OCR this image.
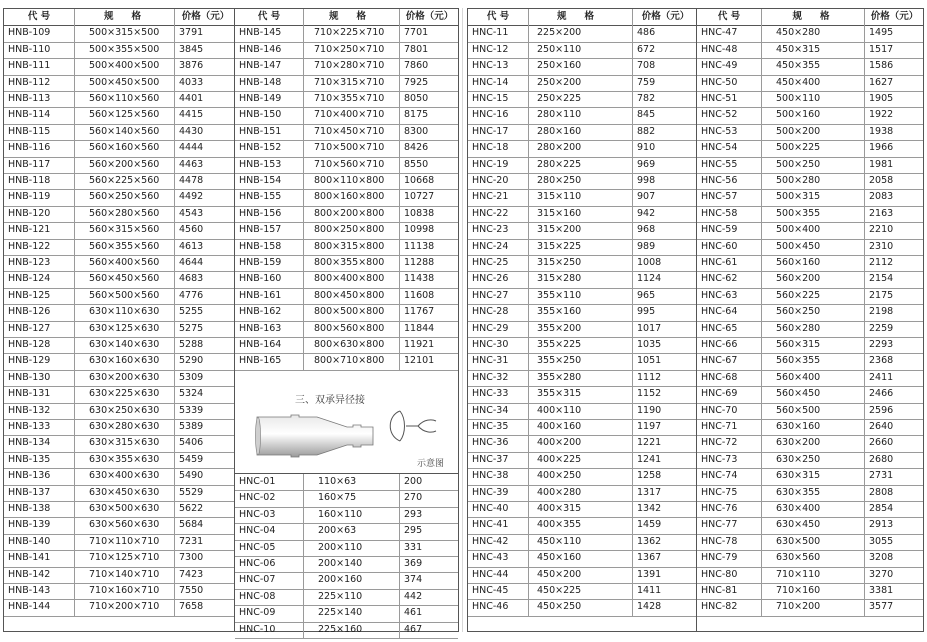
代 号	规格	价格（元）
HNB-109	500×315×500	3791
HNB-110	500×355×500	3845
HNB-111	500×400×500	3876
HNB-112	500×450×500	4033
HNB-113	560×110×560	4401
HNB-114	560×125×560	4415
HNB-115	560×140×560	4430
HNB-116	560×160×560	4444
HNB-117	560×200×560	4463
HNB-118	560×225×560	4478
HNB-119	560×250×560	4492
HNB-120	560×280×560	4543
HNB-121	560×315×560	4560
HNB-122	560×355×560	4613
HNB-123	560×400×560	4644
HNB-124	560×450×560	4683
HNB-125	560×500×560	4776
HNB-126	630×110×630	5255
HNB-127	630×125×630	5275
HNB-128	630×140×630	5288
HNB-129	630×160×630	5290
HNB-130	630×200×630	5309
HNB-131	630×225×630	5324
HNB-132	630×250×630	5339
HNB-133	630×280×630	5389
HNB-134	630×315×630	5406
HNB-135	630×355×630	5459
HNB-136	630×400×630	5490
HNB-137	630×450×630	5529
HNB-138	630×500×630	5622
HNB-139	630×560×630	5684
HNB-140	710×110×710	7231
HNB-141	710×125×710	7300
HNB-142	710×140×710	7423
HNB-143	710×160×710	7550
HNB-144	710×200×710	7658
三、双承异径接
示意图
代 号	规格	价格（元）
HNB-145	710×225×710	7701
HNB-146	710×250×710	7801
HNB-147	710×280×710	7860
HNB-148	710×315×710	7925
HNB-149	710×355×710	8050
HNB-150	710×400×710	8175
HNB-151	710×450×710	8300
HNB-152	710×500×710	8426
HNB-153	710×560×710	8550
HNB-154	800×110×800	10668
HNB-155	800×160×800	10727
HNB-156	800×200×800	10838
HNB-157	800×250×800	10998
HNB-158	800×315×800	11138
HNB-159	800×355×800	11288
HNB-160	800×400×800	11438
HNB-161	800×450×800	11608
HNB-162	800×500×800	11767
HNB-163	800×560×800	11844
HNB-164	800×630×800	11921
HNB-165	800×710×800	12101
HNC-01	110×63	200
HNC-02	160×75	270
HNC-03	160×110	293
HNC-04	200×63	295
HNC-05	200×110	331
HNC-06	200×140	369
HNC-07	200×160	374
HNC-08	225×110	442
HNC-09	225×140	461
HNC-10	225×160	467
代 号	规格	价格（元）
HNC-11	225×200	486
HNC-12	250×110	672
HNC-13	250×160	708
HNC-14	250×200	759
HNC-15	250×225	782
HNC-16	280×110	845
HNC-17	280×160	882
HNC-18	280×200	910
HNC-19	280×225	969
HNC-20	280×250	998
HNC-21	315×110	907
HNC-22	315×160	942
HNC-23	315×200	968
HNC-24	315×225	989
HNC-25	315×250	1008
HNC-26	315×280	1124
HNC-27	355×110	965
HNC-28	355×160	995
HNC-29	355×200	1017
HNC-30	355×225	1035
HNC-31	355×250	1051
HNC-32	355×280	1112
HNC-33	355×315	1152
HNC-34	400×110	1190
HNC-35	400×160	1197
HNC-36	400×200	1221
HNC-37	400×225	1241
HNC-38	400×250	1258
HNC-39	400×280	1317
HNC-40	400×315	1342
HNC-41	400×355	1459
HNC-42	450×110	1362
HNC-43	450×160	1367
HNC-44	450×200	1391
HNC-45	450×225	1411
HNC-46	450×250	1428
代 号	规格	价格（元）
HNC-47	450×280	1495
HNC-48	450×315	1517
HNC-49	450×355	1586
HNC-50	450×400	1627
HNC-51	500×110	1905
HNC-52	500×160	1922
HNC-53	500×200	1938
HNC-54	500×225	1966
HNC-55	500×250	1981
HNC-56	500×280	2058
HNC-57	500×315	2083
HNC-58	500×355	2163
HNC-59	500×400	2210
HNC-60	500×450	2310
HNC-61	560×160	2112
HNC-62	560×200	2154
HNC-63	560×225	2175
HNC-64	560×250	2198
HNC-65	560×280	2259
HNC-66	560×315	2293
HNC-67	560×355	2368
HNC-68	560×400	2411
HNC-69	560×450	2466
HNC-70	560×500	2596
HNC-71	630×160	2640
HNC-72	630×200	2660
HNC-73	630×250	2680
HNC-74	630×315	2731
HNC-75	630×355	2808
HNC-76	630×400	2854
HNC-77	630×450	2913
HNC-78	630×500	3055
HNC-79	630×560	3208
HNC-80	710×110	3270
HNC-81	710×160	3381
HNC-82	710×200	3577
